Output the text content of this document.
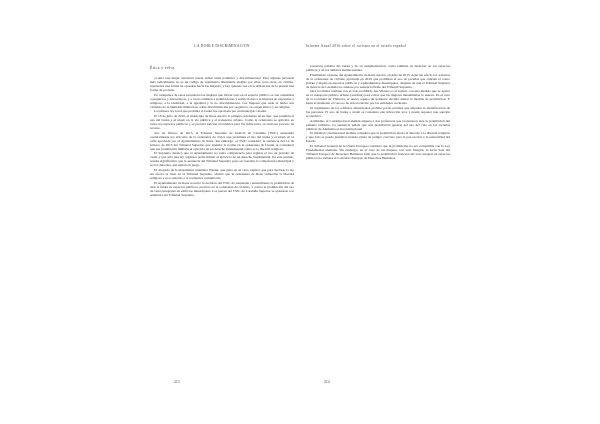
LA DOBLE DISCRIMINACIÓN
Ética y velos

¿Cómo una mujer velonarrá puede sumar tanta polémica y discriminación? Para algunas personas más radicalmente no es un código de vestimenta libremente elegido por ellas, para otras, en cambio, representa una forma de opresión hacia las mujeres; y hay quienes ven en la utilización de la prenda una forma de protesta.

En cualquiera de estos escenarios las mujeres que llevan velo en el espacio público se ven sometidas a prejuicios y estereotipos, y a veces también a prohibiciones y restricciones a la libertad de expresión y religiosa, a la identidad, a la igualdad y la no discriminación. Las mujeres que usan el burka son víctimas de la multidiscriminación, sobre discriminación por su género, su origen étnico y su religión.

La primera ley local que prohibió el burka fue aprobada por un municipio catalán.

El 16 de julio de 2010, el municipio de Reus aprobó la primera ordenanza de su tipo: que prohibía el uso del burka y el niqab en la vía pública y el transporte urbano. Como la ordenanza se aplicaba en todos los espacios públicos y se preveía sanción económica para las infractoras, se abrió un proceso de recurso.

Así, en febrero de 2013, el Tribunal Supremo de Justicia de Cataluña (TSJC) suspendió cautelarmente los artículos de la ordenanza de cívica que prohibían el uso del burka y el niqab en la calle aprobada por el Ayuntamiento de Reus. Sin embargo, el TSJC consideró la sentencia del 14 de febrero de 2013 del Tribunal Supremo que anulaba la norma en la ordenanza de Lleida, al considerar que esa prohibición limitaba el ejercicio de un derecho fundamental como es la libertad religiosa.

El Supremo destacó que el Ayuntamiento no tenía competencia para regular el uso de prendas de vestir y que sólo una ley orgánica podía limitar el ejercicio de un derecho fundamental. En este sentido, resulta significativo que la sentencia del Tribunal Supremo pone en cuestión la competencia municipal y no los derechos que entran en juego.

El abogado de la musulmana Islamista Watani, que ganó en su caso, explicó que para declarar la ley sin efecto se basó en el Tribunal Supremo, afirmó que la ordenanza de Reus vulneraba la libertad religiosa y era contraria a la normativa comunitaria.

El Ayuntamiento de Reus recurrió la decisión del TSJC de suspender cautelarmente la prohibición de usar el burka en espacios públicos, previsto en la ordenanza de civismo, y contra la prohibición del uso de velos integrales en edificios municipales. Los jueces del TSJC de Cataluña Superior se ajustaron a la sentencia del Tribunal Supremo.

213
Informe Anual 2016 sobre el racismo en el estado español

presencia pública del burka y de su estigmatización, como también su mención en los espacios públicos y en los ámbitos institucionales.

Finalmente, el pleno del Ayuntamiento de Reus aprobó, en julio de 2013, dejar sin efecto los artículos de la ordenanza de civismo aprobada en 2010 que prohibían el uso de prendas que cubrían el rostro (burka y niqab) en espacios públicos y equipamientos municipales, después de que el Tribunal Superior de Justicia de Cataluña los anulara por sentencia firme del Tribunal Supremo.

Otra localidad catalana con el velo prohibido fue Vilanova i la Geltrú, con una medida que se aplicó en el transporte público urbano (autobús) para evitar que las mujeres musulmanas lo usaran. En el caso de la localidad de Vilanova, el nuevo equipo de gobierno decidió anular la medida de prohibición. Y hasta el momento el caso no ha sido recurrido por las entidades vecinales.

El reglamento de los edificios municipales prohíbe portar prendas que impidan la identificación de las personas. El uso de burka o niqab se considera una infracción leve y puede suponer una sanción económica.

Asimismo, el Constitucional alemán ampara a dos profesoras que protestaron ante la prohibición del pañuelo islámico. La sentencia señala que una prohibición general del uso del velo en las escuelas públicas de Alemania es inconstitucional.

El tribunal constitucional alemán considera que la prohibición afecta al derecho a la libertad religiosa y que sólo se puede justificar cuando exista un peligro concreto para la paz escolar o la neutralidad del Estado.

El Tribunal General de la Unión Europea consideró que la prohibición no era compatible con la Ley Fundamental alemana. Sin embargo, en el caso de las mujeres con velo integral, la Gran Sala del Tribunal Europeo de Derechos Humanos falló que la prohibición francesa del velo integral en espacios públicos no vulnera el Convenio Europeo de Derechos Humanos.

214
